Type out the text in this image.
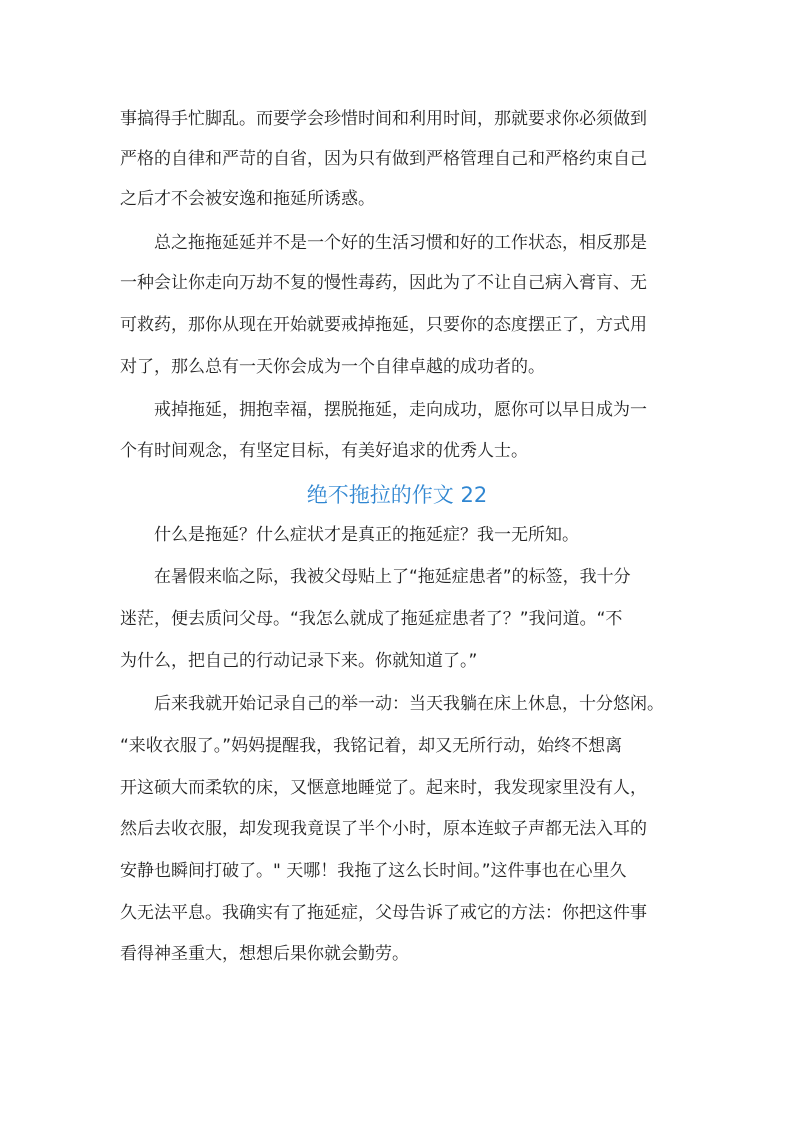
事搞得手忙脚乱。而要学会珍惜时间和利用时间，那就要求你必须做到
严格的自律和严苛的自省，因为只有做到严格管理自己和严格约束自己
之后才不会被安逸和拖延所诱惑。
　　总之拖拖延延并不是一个好的生活习惯和好的工作状态，相反那是
一种会让你走向万劫不复的慢性毒药，因此为了不让自己病入膏肓、无
可救药，那你从现在开始就要戒掉拖延，只要你的态度摆正了，方式用
对了，那么总有一天你会成为一个自律卓越的成功者的。
　　戒掉拖延，拥抱幸福，摆脱拖延，走向成功，愿你可以早日成为一
个有时间观念，有坚定目标，有美好追求的优秀人士。
绝不拖拉的作文 22
　　什么是拖延？什么症状才是真正的拖延症？我一无所知。
　　在暑假来临之际，我被父母贴上了“拖延症患者”的标签，我十分
迷茫，便去质问父母。“我怎么就成了拖延症患者了？”我问道。“不
为什么，把自己的行动记录下来。你就知道了。”
　　后来我就开始记录自己的举一动：当天我躺在床上休息，十分悠闲。
“来收衣服了。”妈妈提醒我，我铭记着，却又无所行动，始终不想离
开这硕大而柔软的床，又惬意地睡觉了。起来时，我发现家里没有人，
然后去收衣服，却发现我竟误了半个小时，原本连蚊子声都无法入耳的
安静也瞬间打破了。" 天哪！我拖了这么长时间。”这件事也在心里久
久无法平息。我确实有了拖延症，父母告诉了戒它的方法：你把这件事
看得神圣重大，想想后果你就会勤劳。
